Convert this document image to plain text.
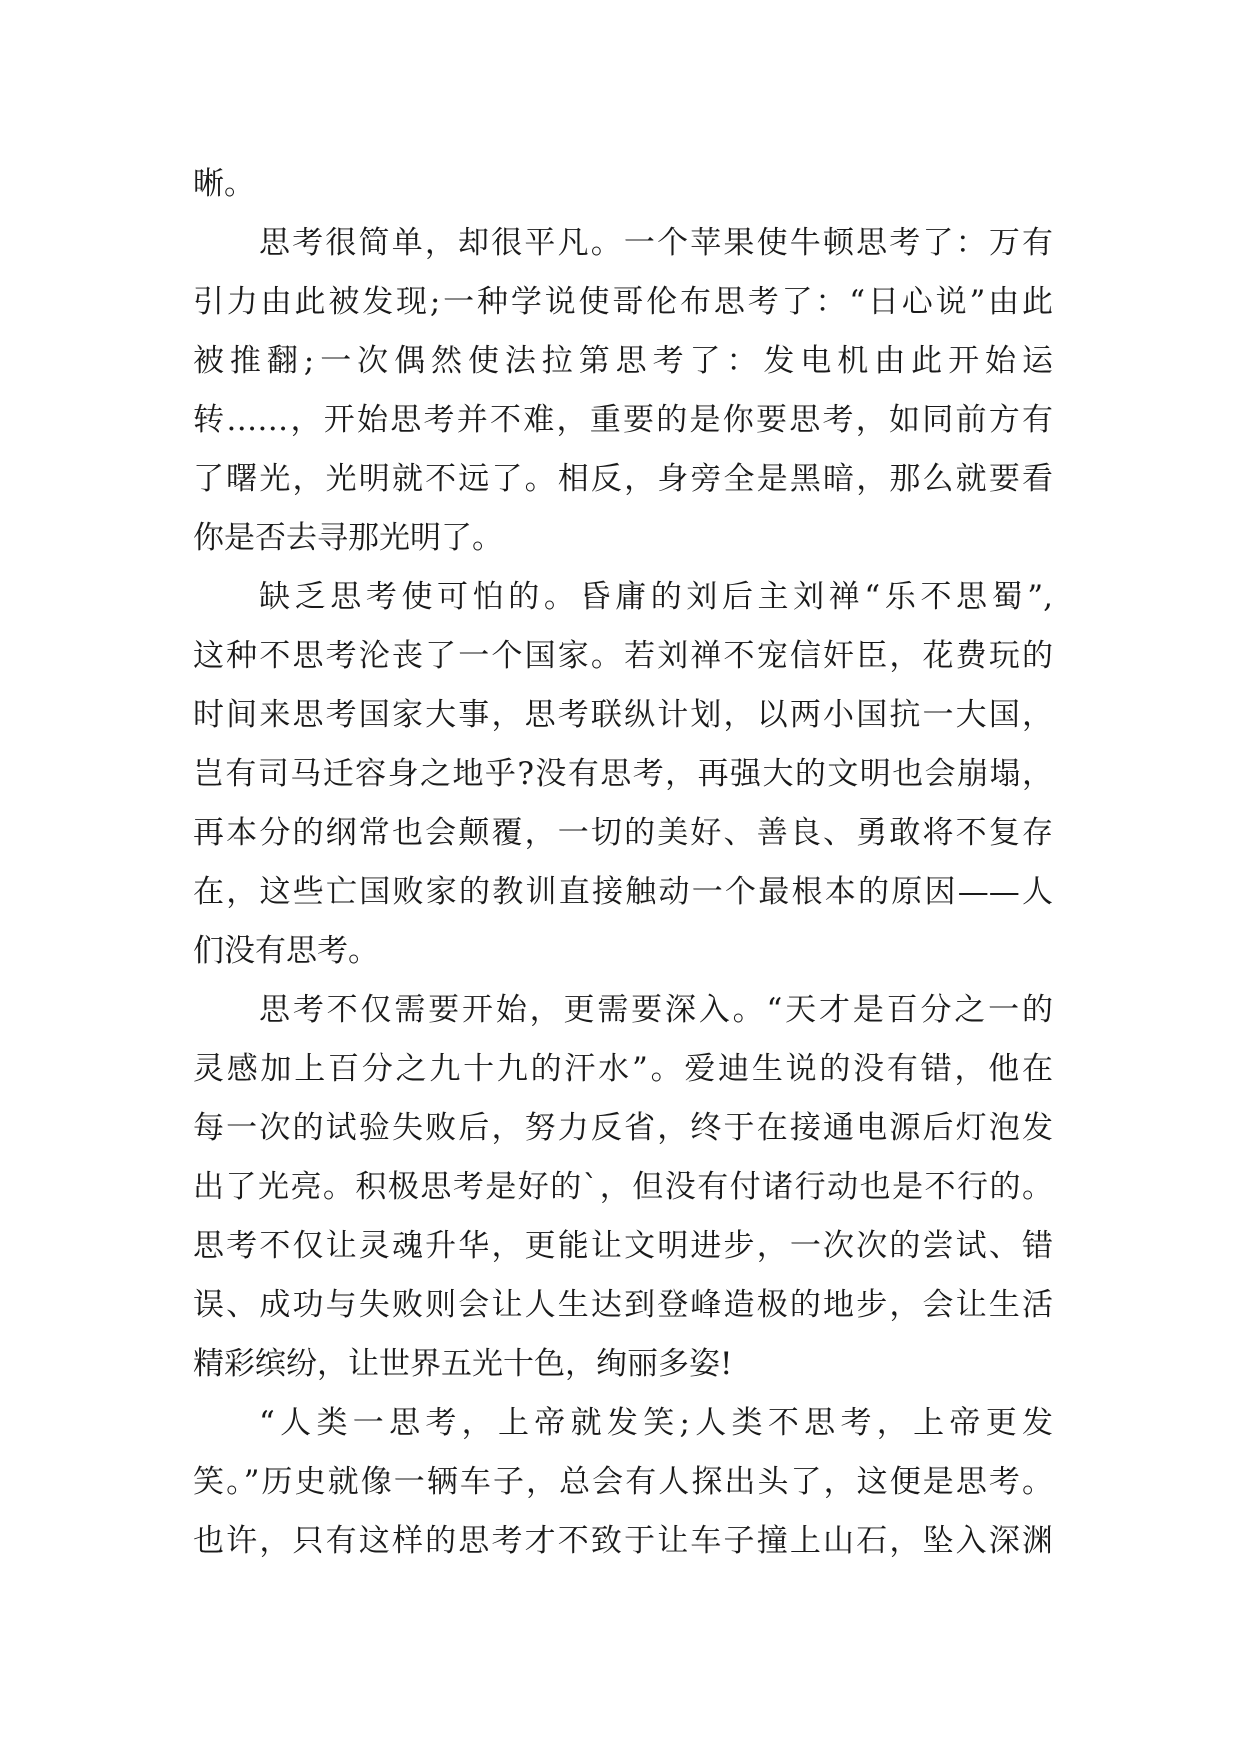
晰。
思考很简单，却很平凡。一个苹果使牛顿思考了：万有
引力由此被发现;一种学说使哥伦布思考了：“日心说”由此
被推翻;一次偶然使法拉第思考了：发电机由此开始运
转……，开始思考并不难，重要的是你要思考，如同前方有
了曙光，光明就不远了。相反，身旁全是黑暗，那么就要看
你是否去寻那光明了。
缺乏思考使可怕的。昏庸的刘后主刘禅“乐不思蜀”,
这种不思考沦丧了一个国家。若刘禅不宠信奸臣，花费玩的
时间来思考国家大事，思考联纵计划，以两小国抗一大国，
岂有司马迁容身之地乎?没有思考，再强大的文明也会崩塌，
再本分的纲常也会颠覆，一切的美好、善良、勇敢将不复存
在，这些亡国败家的教训直接触动一个最根本的原因——人
们没有思考。
思考不仅需要开始，更需要深入。“天才是百分之一的
灵感加上百分之九十九的汗水”。爱迪生说的没有错，他在
每一次的试验失败后，努力反省，终于在接通电源后灯泡发
出了光亮。积极思考是好的`，但没有付诸行动也是不行的。
思考不仅让灵魂升华，更能让文明进步，一次次的尝试、错
误、成功与失败则会让人生达到登峰造极的地步，会让生活
精彩缤纷，让世界五光十色，绚丽多姿!
“人类一思考，上帝就发笑;人类不思考，上帝更发
笑。”历史就像一辆车子，总会有人探出头了，这便是思考。
也许，只有这样的思考才不致于让车子撞上山石，坠入深渊
